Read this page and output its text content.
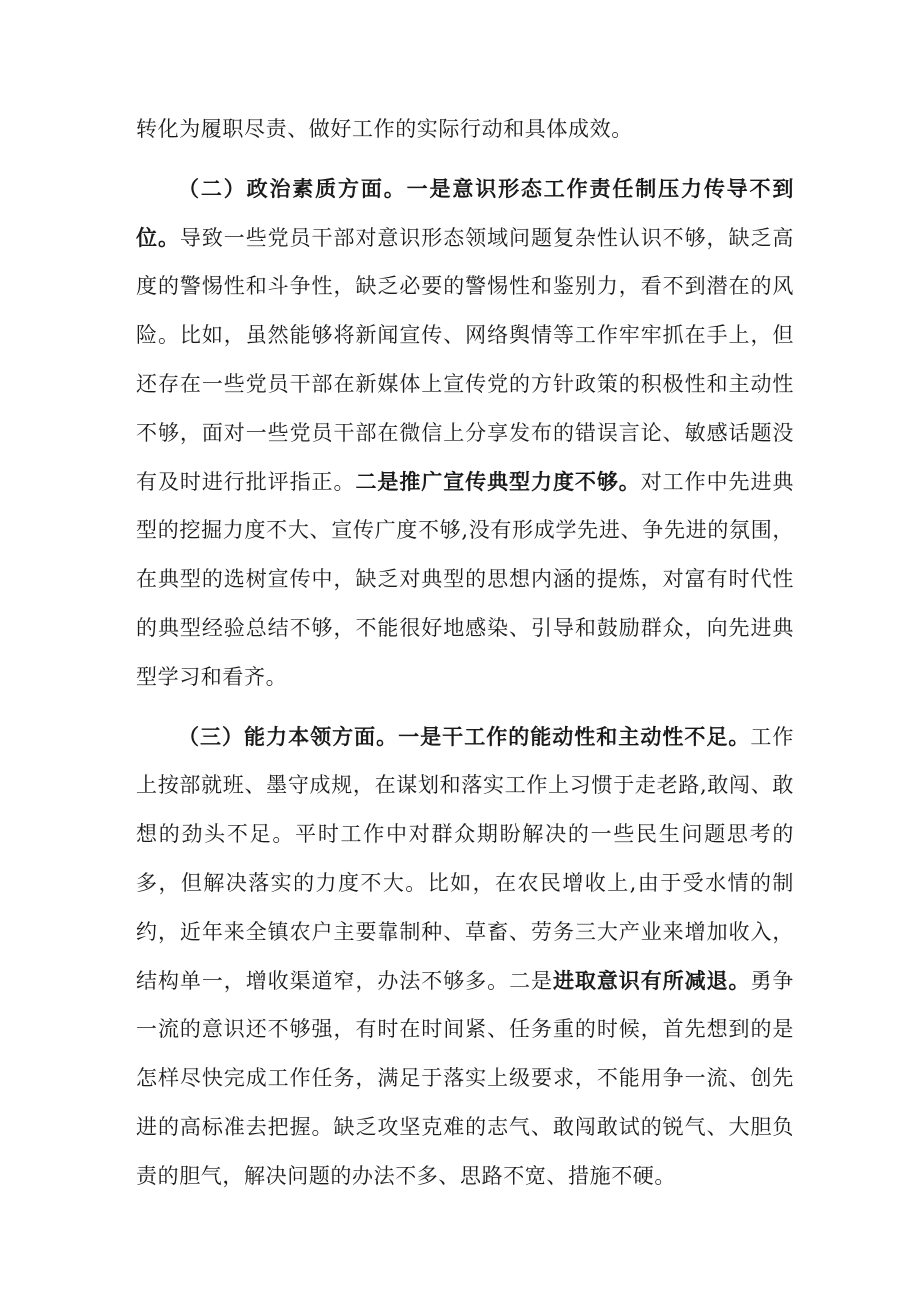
转化为履职尽责、做好工作的实际行动和具体成效。

（二）政治素质方面。一是意识形态工作责任制压力传导不到位。导致一些党员干部对意识形态领域问题复杂性认识不够，缺乏高度的警惕性和斗争性，缺乏必要的警惕性和鉴别力，看不到潜在的风险。比如，虽然能够将新闻宣传、网络舆情等工作牢牢抓在手上，但还存在一些党员干部在新媒体上宣传党的方针政策的积极性和主动性不够，面对一些党员干部在微信上分享发布的错误言论、敏感话题没有及时进行批评指正。二是推广宣传典型力度不够。对工作中先进典型的挖掘力度不大、宣传广度不够,没有形成学先进、争先进的氛围，在典型的选树宣传中，缺乏对典型的思想内涵的提炼，对富有时代性的典型经验总结不够，不能很好地感染、引导和鼓励群众，向先进典型学习和看齐。

（三）能力本领方面。一是干工作的能动性和主动性不足。工作上按部就班、墨守成规，在谋划和落实工作上习惯于走老路,敢闯、敢想的劲头不足。平时工作中对群众期盼解决的一些民生问题思考的多，但解决落实的力度不大。比如，在农民增收上,由于受水情的制约，近年来全镇农户主要靠制种、草畜、劳务三大产业来增加收入，结构单一，增收渠道窄，办法不够多。二是进取意识有所减退。勇争一流的意识还不够强，有时在时间紧、任务重的时候，首先想到的是怎样尽快完成工作任务，满足于落实上级要求，不能用争一流、创先进的高标准去把握。缺乏攻坚克难的志气、敢闯敢试的锐气、大胆负责的胆气，解决问题的办法不多、思路不宽、措施不硬。
